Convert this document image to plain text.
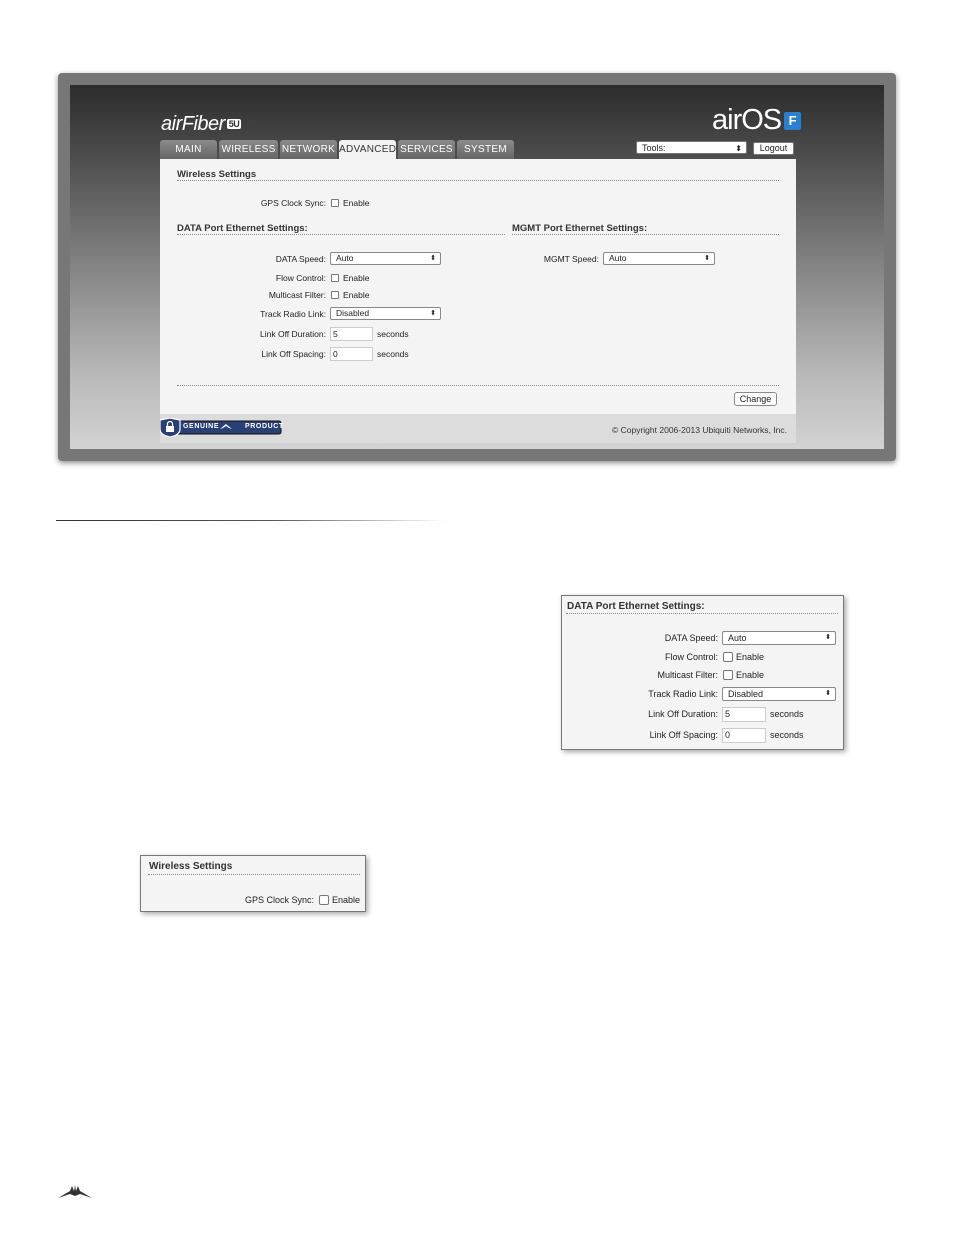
airFiber 5U	airOS F
MAIN	WIRELESS NETWORK ADVANCED SERVICES	SYSTEM	Tools:	⬍	Logout
Wireless Settings
GPS Clock Sync: Enable
DATA Port Ethernet Settings:
DATA Speed:	Auto	⬍
Flow Control: Enable
Multicast Filter: Enable
Track Radio Link:	Disabled	⬍
Link Off Duration: 5	seconds
Link Off Spacing: 0	seconds
MGMT Port Ethernet Settings:
MGMT Speed:	Auto	⬍
Change
GENUINE	PRODUCT	© Copyright 2006-2013 Ubiquiti Networks, Inc.
DATA Port Ethernet Settings:
DATA Speed:	Auto	⬍
Flow Control: Enable
Multicast Filter: Enable
Track Radio Link:	Disabled	⬍
Link Off Duration: 5	seconds
Link Off Spacing: 0	seconds
Wireless Settings
GPS Clock Sync: Enable
